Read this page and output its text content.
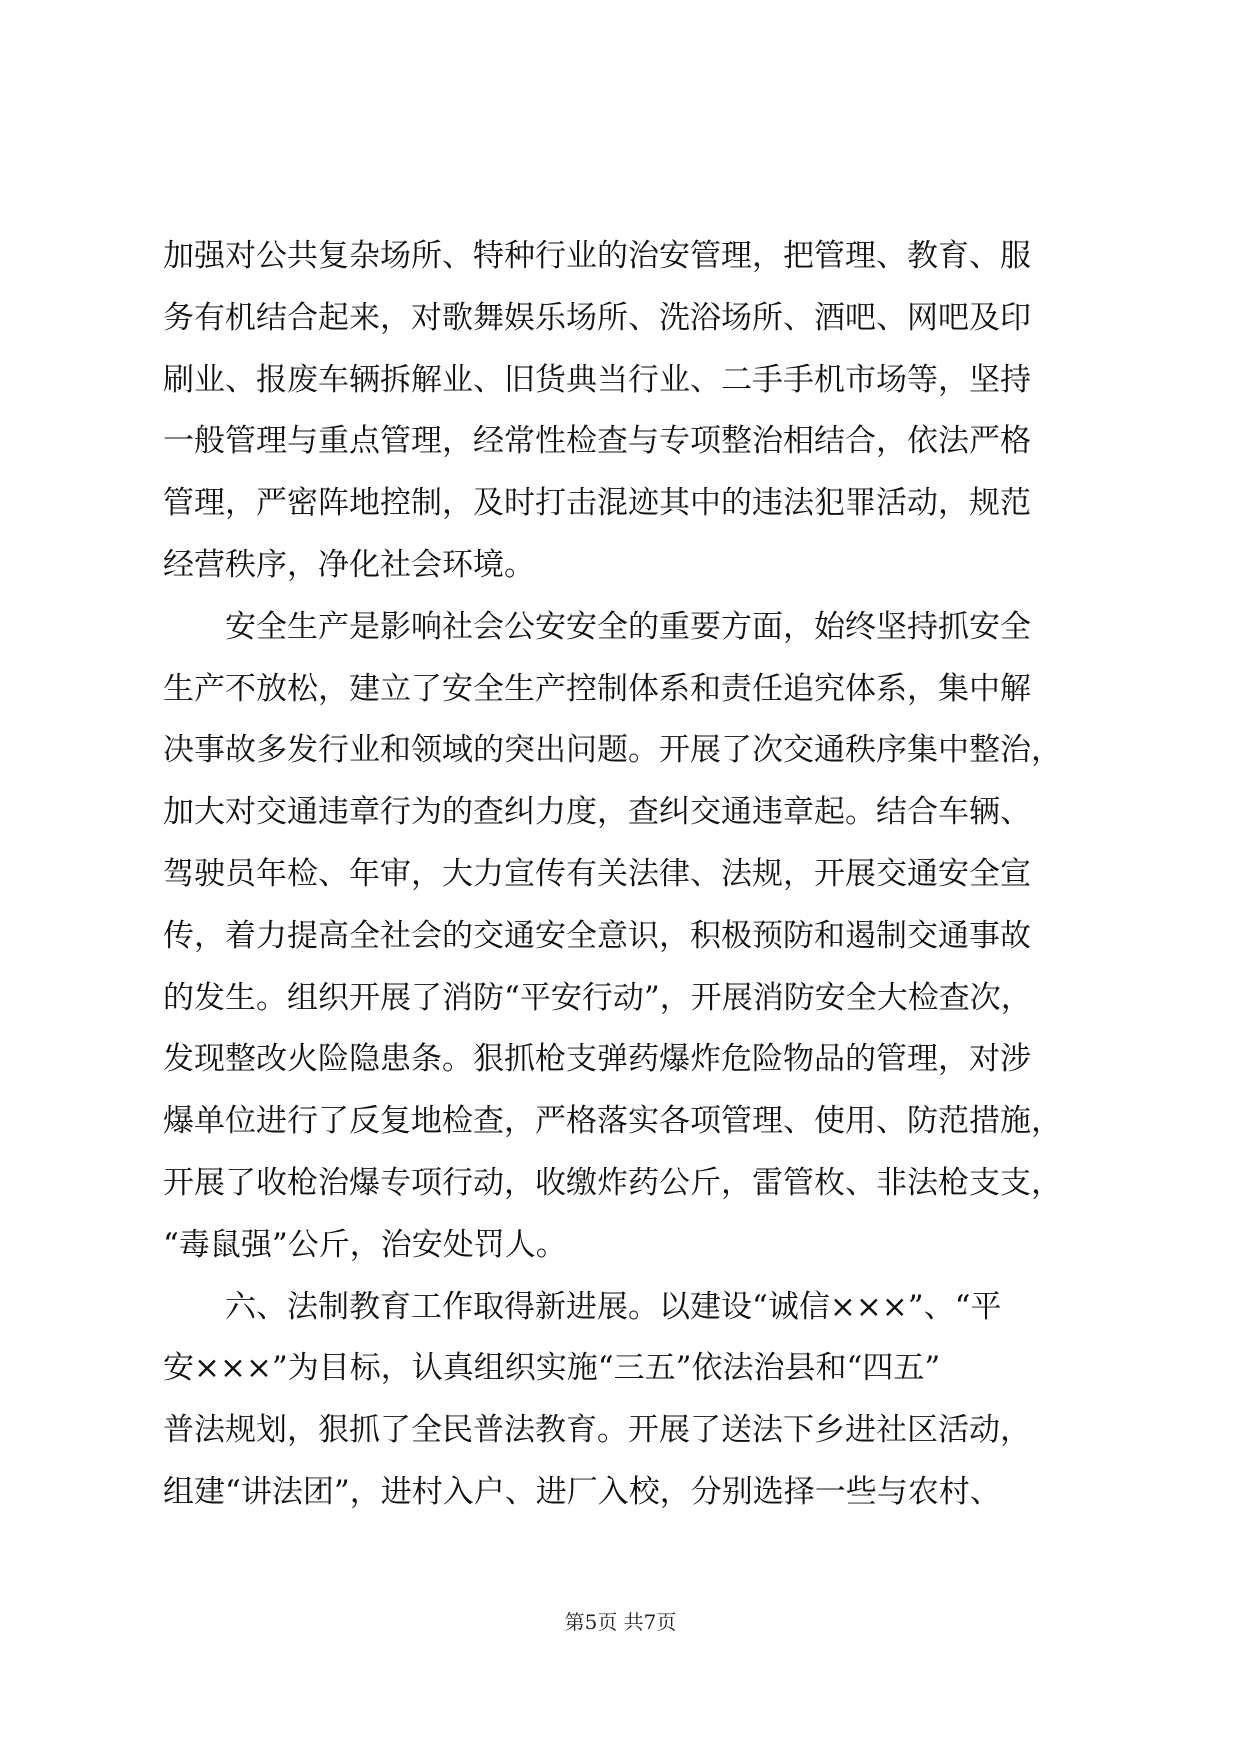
加强对公共复杂场所、特种行业的治安管理，把管理、教育、服
务有机结合起来，对歌舞娱乐场所、洗浴场所、酒吧、网吧及印
刷业、报废车辆拆解业、旧货典当行业、二手手机市场等，坚持
一般管理与重点管理，经常性检查与专项整治相结合，依法严格
管理，严密阵地控制，及时打击混迹其中的违法犯罪活动，规范
经营秩序，净化社会环境。

　　安全生产是影响社会公安安全的重要方面，始终坚持抓安全
生产不放松，建立了安全生产控制体系和责任追究体系，集中解
决事故多发行业和领域的突出问题。开展了次交通秩序集中整治，
加大对交通违章行为的查纠力度，查纠交通违章起。结合车辆、
驾驶员年检、年审，大力宣传有关法律、法规，开展交通安全宣
传，着力提高全社会的交通安全意识，积极预防和遏制交通事故
的发生。组织开展了消防“平安行动”，开展消防安全大检查次，
发现整改火险隐患条。狠抓枪支弹药爆炸危险物品的管理，对涉
爆单位进行了反复地检查，严格落实各项管理、使用、防范措施，
开展了收枪治爆专项行动，收缴炸药公斤，雷管枚、非法枪支支，
“毒鼠强”公斤，治安处罚人。

　　六、法制教育工作取得新进展。以建设“诚信×××”、“平
安×××”为目标，认真组织实施“三五”依法治县和“四五”
普法规划，狠抓了全民普法教育。开展了送法下乡进社区活动，
组建“讲法团”，进村入户、进厂入校，分别选择一些与农村、

第5页 共7页
